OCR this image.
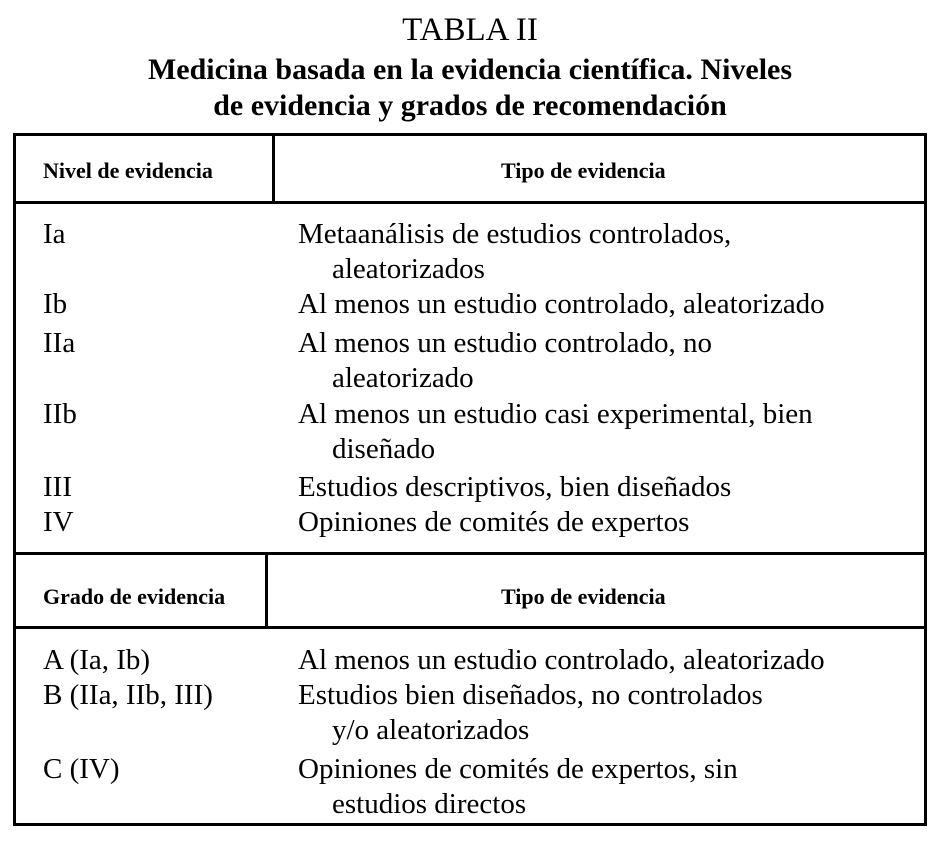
TABLA II
Medicina basada en la evidencia científica. Niveles
de evidencia y grados de recomendación
Nivel de evidencia	Tipo de evidencia
Ia	Metaanálisis de estudios controlados,
aleatorizados
Ib	Al menos un estudio controlado, aleatorizado
IIa	Al menos un estudio controlado, no
aleatorizado
IIb	Al menos un estudio casi experimental, bien
diseñado
III	Estudios descriptivos, bien diseñados
IV	Opiniones de comités de expertos
Grado de evidencia	Tipo de evidencia
A (Ia, Ib)	Al menos un estudio controlado, aleatorizado
B (IIa, IIb, III)	Estudios bien diseñados, no controlados
y/o aleatorizados
C (IV)	Opiniones de comités de expertos, sin
estudios directos
